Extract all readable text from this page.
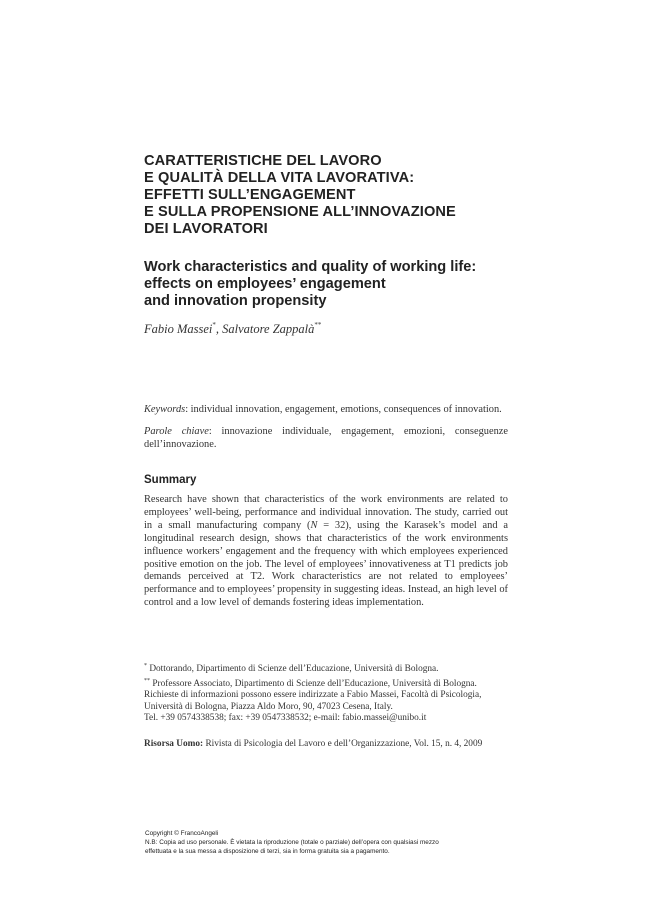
CARATTERISTICHE DEL LAVORO
E QUALITÀ DELLA VITA LAVORATIVA:
EFFETTI SULL’ENGAGEMENT
E SULLA PROPENSIONE ALL’INNOVAZIONE
DEI LAVORATORI
Work characteristics and quality of working life:
effects on employees’ engagement
and innovation propensity
Fabio Massei*, Salvatore Zappalà**
Keywords: individual innovation, engagement, emotions, consequences of innovation.
Parole chiave: innovazione individuale, engagement, emozioni, conseguenze dell’innovazione.
Summary
Research have shown that characteristics of the work environments are related to employees’ well-being, performance and individual innovation. The study, carried out in a small manufacturing company (N = 32), using the Karasek’s model and a longitudinal research design, shows that characteristics of the work environments influence workers’ engagement and the frequency with which employees experienced positive emotion on the job. The level of employees’ innovativeness at T1 predicts job demands perceived at T2. Work characteristics are not related to employees’ performance and to employees’ propensity in suggesting ideas. Instead, an high level of control and a low level of demands fostering ideas implementation.
* Dottorando, Dipartimento di Scienze dell’Educazione, Università di Bologna.
** Professore Associato, Dipartimento di Scienze dell’Educazione, Università di Bologna.
Richieste di informazioni possono essere indirizzate a Fabio Massei, Facoltà di Psicologia,
Università di Bologna, Piazza Aldo Moro, 90, 47023 Cesena, Italy.
Tel. +39 0574338538; fax: +39 0547338532; e-mail: fabio.massei@unibo.it
Risorsa Uomo: Rivista di Psicologia del Lavoro e dell’Organizzazione, Vol. 15, n. 4, 2009
Copyright © FrancoAngeli
N.B: Copia ad uso personale. È vietata la riproduzione (totale o parziale) dell’opera con qualsiasi mezzo
effettuata e la sua messa a disposizione di terzi, sia in forma gratuita sia a pagamento.
